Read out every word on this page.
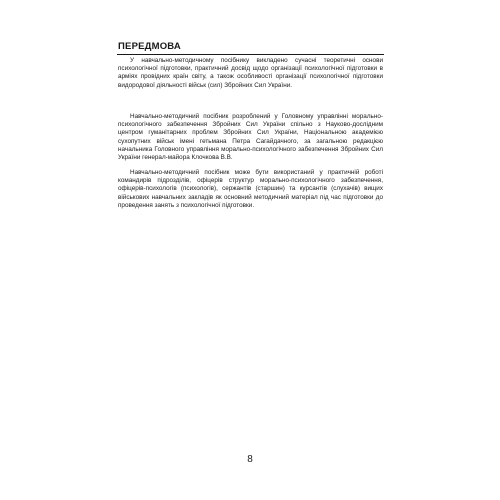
ПЕРЕДМОВА

У навчально-методичному посібнику викладено сучасні теоретичні основи психологічної підготовки, практичний досвід щодо організації психологічної підготовки в арміях провідних країн світу, а також особливості організації психологічної підготовки видородової діяльності військ (сил) Збройних Сил України.

Навчально-методичний посібник розроблений у Головному управлінні морально-психологічного забезпечення Збройних Сил України спільно з Науково-дослідним центром гуманітарних проблем Збройних Сил України, Національною академією сухопутних військ імені гетьмана Петра Сагайдачного, за загальною редакцією начальника Головного управління морально-психологічного забезпечення Збройних Сил України генерал-майора Клочкова В.В.

Навчально-методичний посібник може бути використаний у практичній роботі командирів підрозділів, офіцерів структур морально-психологічного забезпечення, офіцерів-психологів (психологів), сержантів (старшин) та курсантів (слухачів) вищих військових навчальних закладів як основний методичний матеріал під час підготовки до проведення занять з психологічної підготовки.

8
